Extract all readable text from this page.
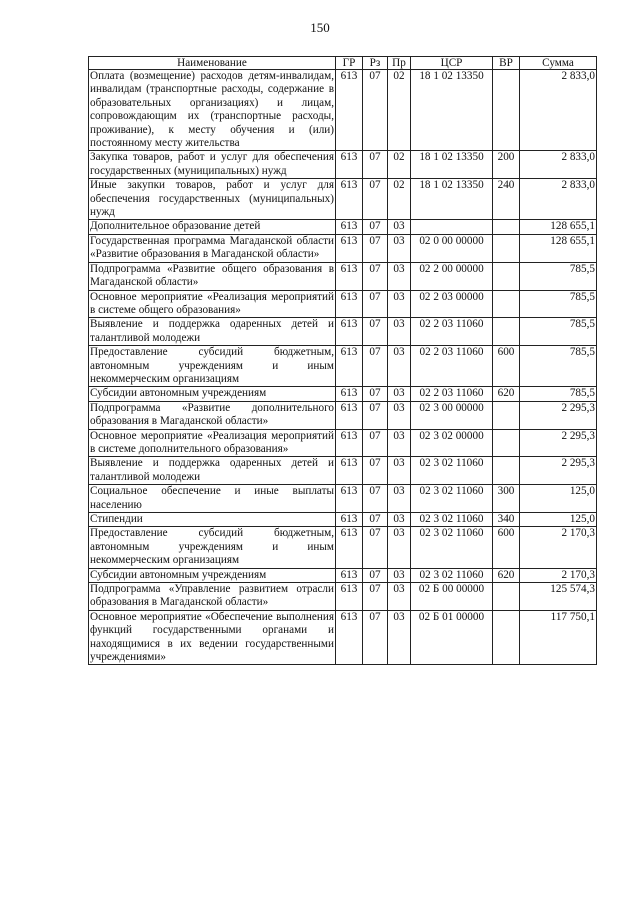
150
Наименование	ГР	Рз	Пр	ЦСР	ВР	Сумма
Оплата (возмещение) расходов детям-инвалидам, инвалидам (транспортные расходы, содержание в образовательных организациях) и лицам, сопровождающим их (транспортные расходы, проживание), к месту обучения и (или) постоянному месту жительства	613	07	02	18 1 02 13350		2 833,0
Закупка товаров, работ и услуг для обеспечения государственных (муниципальных) нужд	613	07	02	18 1 02 13350	200	2 833,0
Иные закупки товаров, работ и услуг для обеспечения государственных (муниципальных) нужд	613	07	02	18 1 02 13350	240	2 833,0
Дополнительное образование детей	613	07	03			128 655,1
Государственная программа Магаданской области «Развитие образования в Магаданской области»	613	07	03	02 0 00 00000		128 655,1
Подпрограмма «Развитие общего образования в Магаданской области»	613	07	03	02 2 00 00000		785,5
Основное мероприятие «Реализация мероприятий в системе общего образования»	613	07	03	02 2 03 00000		785,5
Выявление и поддержка одаренных детей и талантливой молодежи	613	07	03	02 2 03 11060		785,5
Предоставление субсидий бюджетным, автономным учреждениям и иным некоммерческим организациям	613	07	03	02 2 03 11060	600	785,5
Субсидии автономным учреждениям	613	07	03	02 2 03 11060	620	785,5
Подпрограмма «Развитие дополнительного образования в Магаданской области»	613	07	03	02 3 00 00000		2 295,3
Основное мероприятие «Реализация мероприятий в системе дополнительного образования»	613	07	03	02 3 02 00000		2 295,3
Выявление и поддержка одаренных детей и талантливой молодежи	613	07	03	02 3 02 11060		2 295,3
Социальное обеспечение и иные выплаты населению	613	07	03	02 3 02 11060	300	125,0
Стипендии	613	07	03	02 3 02 11060	340	125,0
Предоставление субсидий бюджетным, автономным учреждениям и иным некоммерческим организациям	613	07	03	02 3 02 11060	600	2 170,3
Субсидии автономным учреждениям	613	07	03	02 3 02 11060	620	2 170,3
Подпрограмма «Управление развитием отрасли образования в Магаданской области»	613	07	03	02 Б 00 00000		125 574,3
Основное мероприятие «Обеспечение выполнения функций государственными органами и находящимися в их ведении государственными учреждениями»	613	07	03	02 Б 01 00000		117 750,1
